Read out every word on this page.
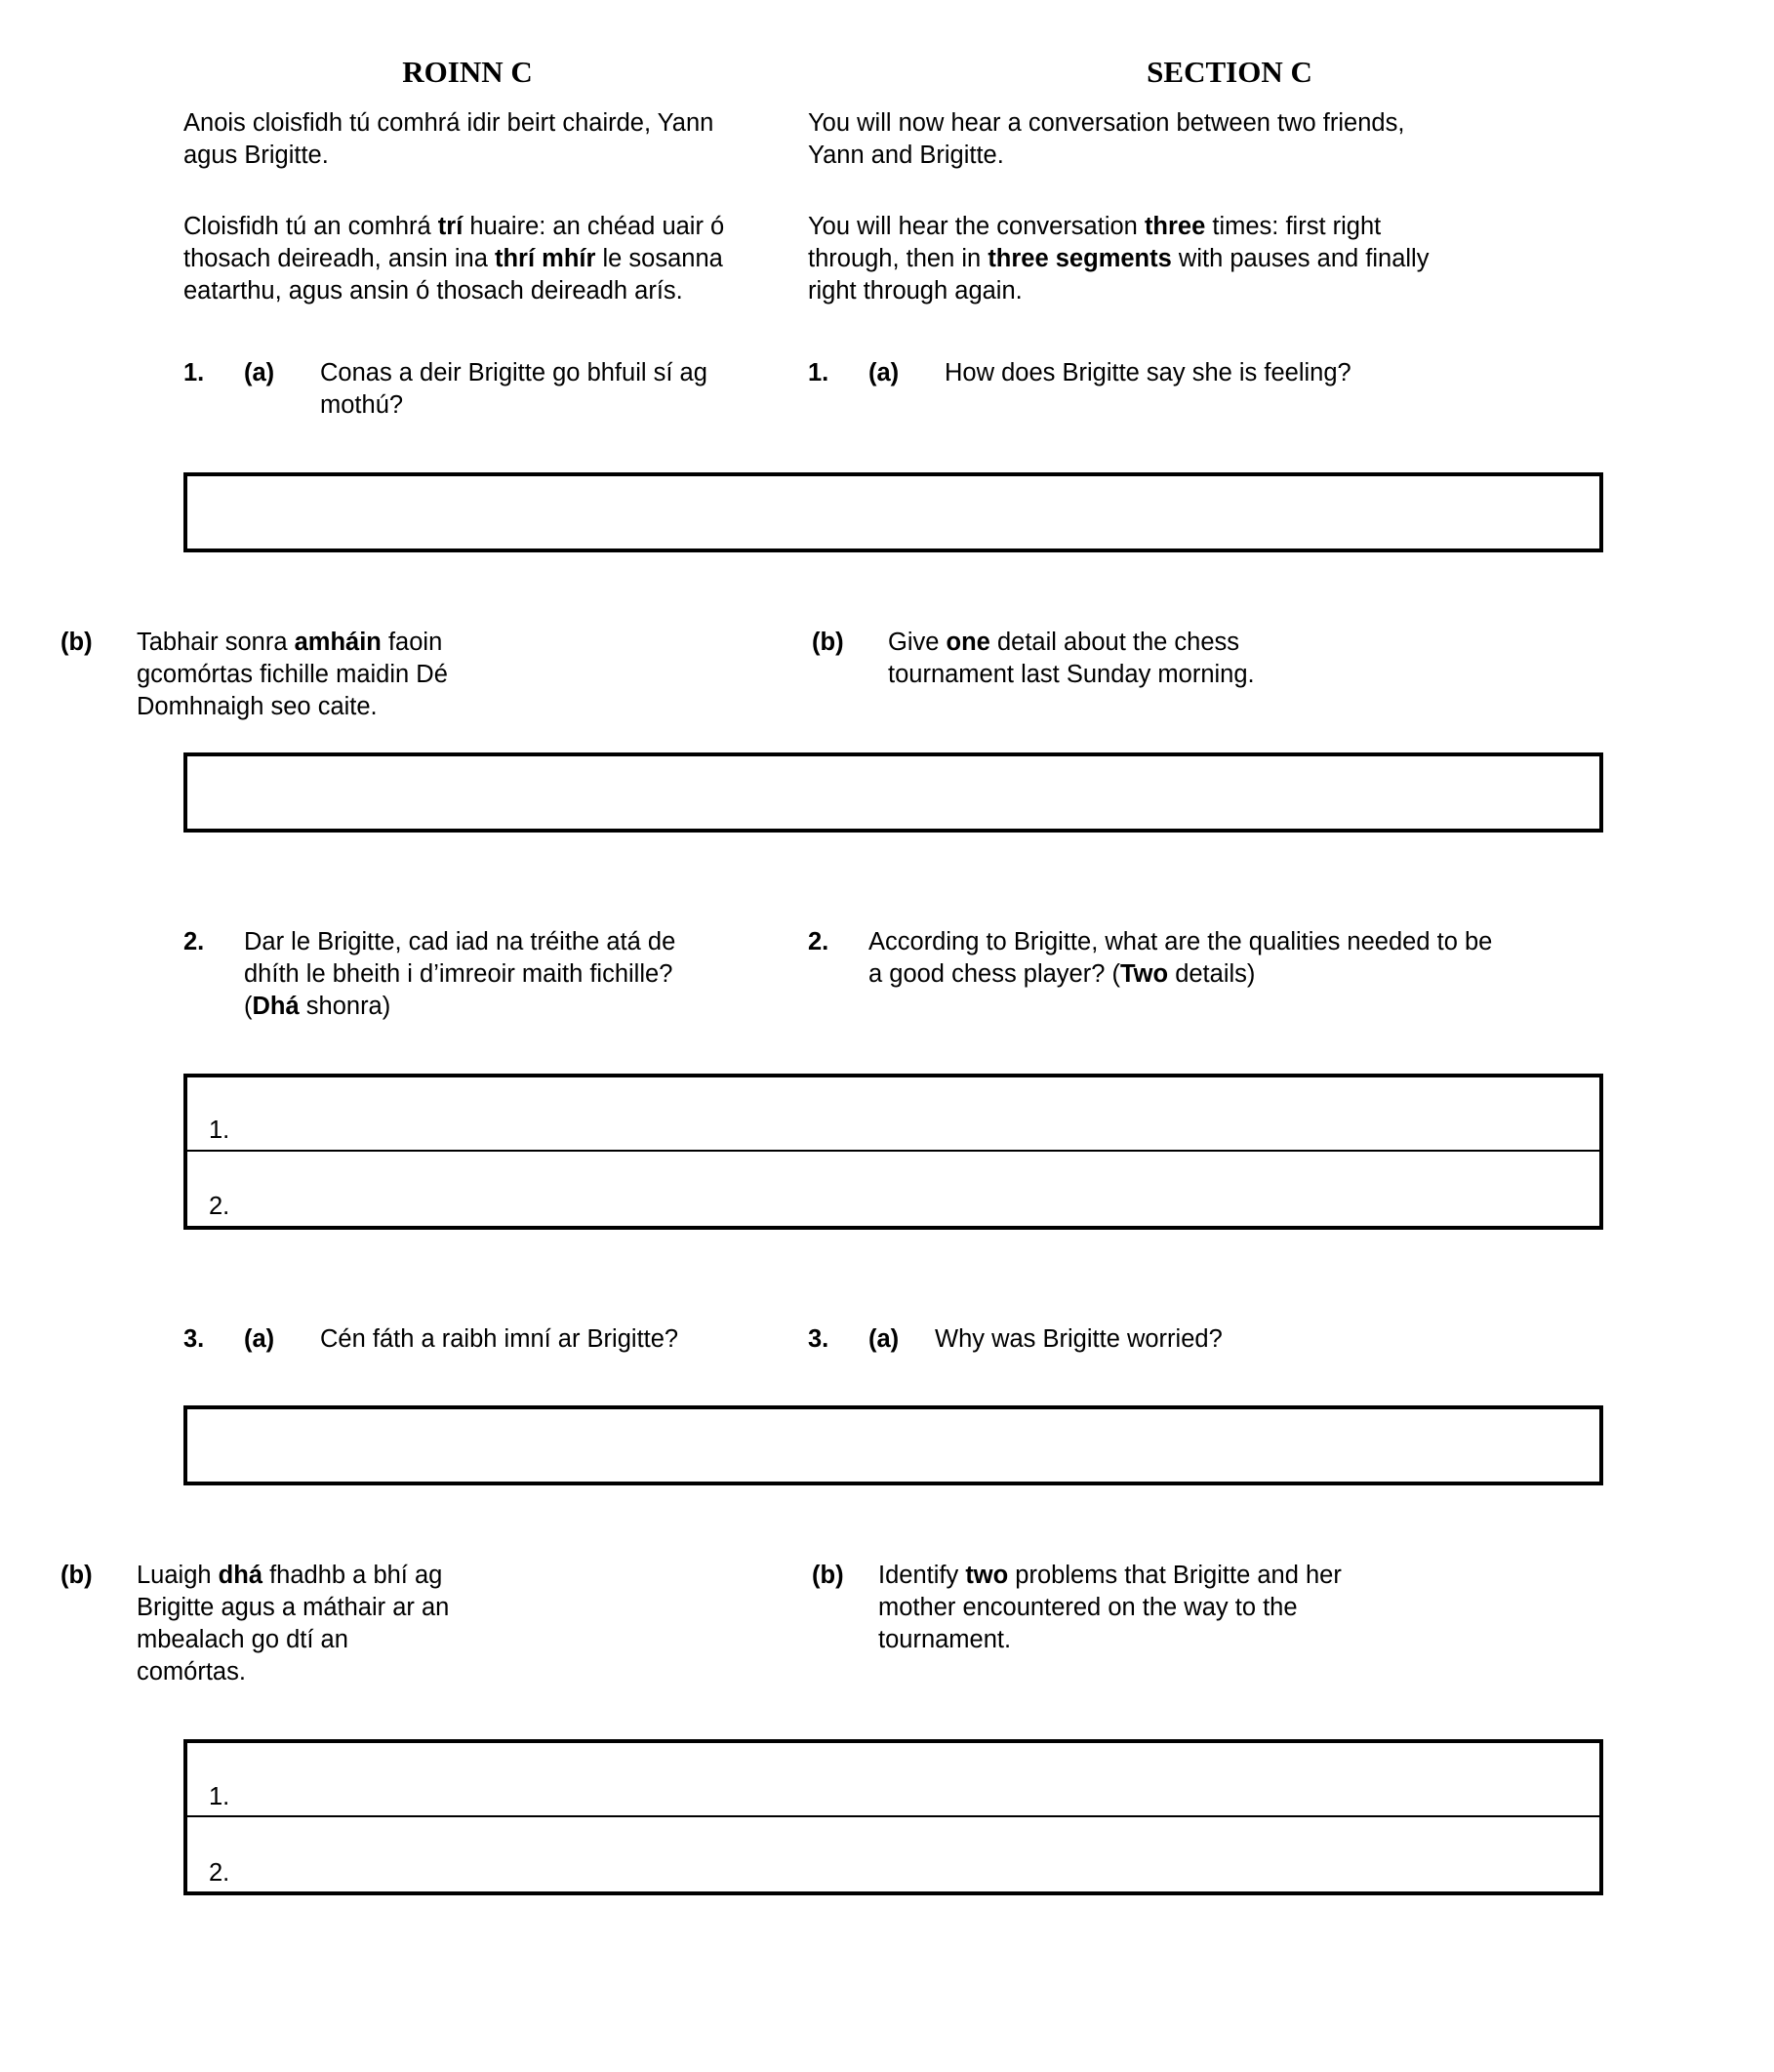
ROINN C	SECTION C

Anois cloisfidh tú comhrá idir beirt chairde, Yann agus Brigitte.

Cloisfidh tú an comhrá trí huaire: an chéad uair ó thosach deireadh, ansin ina thrí mhír le sosanna eatarthu, agus ansin ó thosach deireadh arís.

You will now hear a conversation between two friends, Yann and Brigitte.

You will hear the conversation three times: first right through, then in three segments with pauses and finally right through again.

1.	(a)	Conas a deir Brigitte go bhfuil sí ag mothú?
1.	(a)	How does Brigitte say she is feeling?
(b)	Tabhair sonra amháin faoin gcomórtas fichille maidin Dé Domhnaigh seo caite.
(b)	Give one detail about the chess tournament last Sunday morning.
2.	Dar le Brigitte, cad iad na tréithe atá de dhíth le bheith i d’imreoir maith fichille? (Dhá shonra)
2.	According to Brigitte, what are the qualities needed to be a good chess player? (Two details)
1.
2.
3.	(a)	Cén fáth a raibh imní ar Brigitte?	3.	(a)	Why was Brigitte worried?
(b)	Luaigh dhá fhadhb a bhí ag Brigitte agus a máthair ar an mbealach go dtí an comórtas.
(b)	Identify two problems that Brigitte and her mother encountered on the way to the tournament.
1.
2.
